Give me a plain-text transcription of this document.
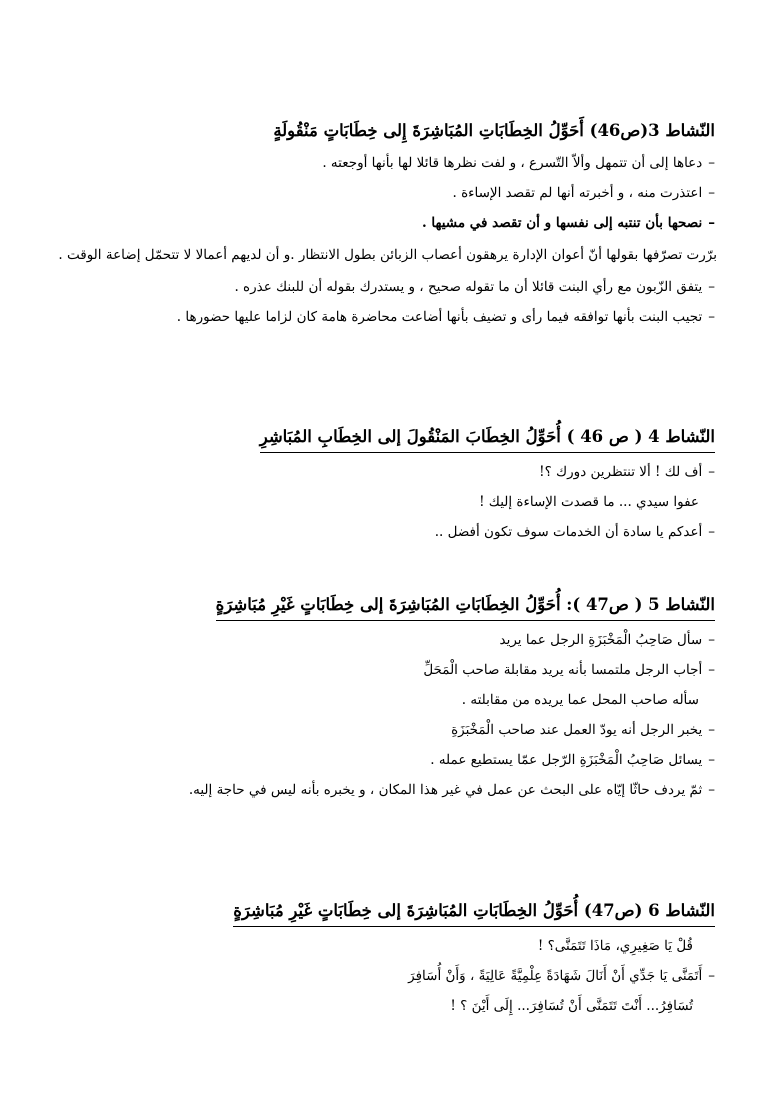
النّشاط 3(ص46) أَحَوِّلُ الخِطَابَاتِ المُبَاشِرَةَ إِلى خِطَابَاتٍ مَنْقُولَةٍ
–دعاها إلى أن تتمهل وألاّ التّسرع ، و لفت نظرها قائلا لها بأنها أوجعته .
–اعتذرت منه ، و أخبرته أنها لم تقصد الإساءة .
–نصحها بأن تنتبه إلى نفسها و أن تقصد في مشيها .
برّرت تصرّفها بقولها أنّ أعوان الإدارة يرهقون أعصاب الزبائن بطول الانتظار .و أن لديهم أعمالا لا تتحمّل إضاعة الوقت .
–يتفق الزّبون مع رأي البنت قائلا أن ما تقوله صحيح ، و يستدرك بقوله أن للبنك عذره .
–تجيب البنت بأنها توافقه فيما رأى و تضيف بأنها أضاعت محاضرة هامة كان لزاما عليها حضورها .
النّشاط 4 ( ص 46 ) أُحَوِّلُ الخِطَابَ المَنْقُولَ إلى الخِطَابِ المُبَاشِرِ
–أف لك ! ألا تنتظرين دورك ؟!
عفوا سيدي ... ما قصدت الإساءة إليك !
–أعدكم يا سادة أن الخدمات سوف تكون أفضل ..
النّشاط 5 ( ص47 ): أُحَوِّلُ الخِطَابَاتِ المُبَاشِرَةَ إلى خِطَابَاتٍ غَيْرِ مُبَاشِرَةٍ
–سأل صَاحِبُ الْمَخْبَزَةِ الرجل عما يريد
–أجاب الرجل ملتمسا بأنه يريد مقابلة صاحب الْمَحَلِّ
سأله صاحب المحل عما يريده من مقابلته .
–يخبر الرجل أنه يودّ العمل عند صاحب الْمَخْبَزَةِ
–يسائل صَاحِبُ الْمَخْبَزَةِ الرّجل عمّا يستطيع عمله .
–ثمّ يردف حاثّا إيّاه على البحث عن عمل في غير هذا المكان ، و يخبره بأنه ليس في حاجة إليه.
النّشاط 6 (ص47) أُحَوِّلُ الخِطَابَاتِ المُبَاشِرَةَ إلى خِطَابَاتٍ غَيْرِ مُبَاشِرَةٍ
قُلْ يَا صَغِيرِي، مَاذَا تَتَمَنَّى؟ !
–أَتَمَنَّى يَا جَدِّي أَنْ أَنَالَ شَهَادَةً عِلْمِيَّةً عَالِيَةً ، وَأَنْ أُسَافِرَ
تُسَافِرُ... أَنْتَ تَتَمَنَّى أَنْ تُسَافِرَ... إِلَى أَيْنَ ؟ !
